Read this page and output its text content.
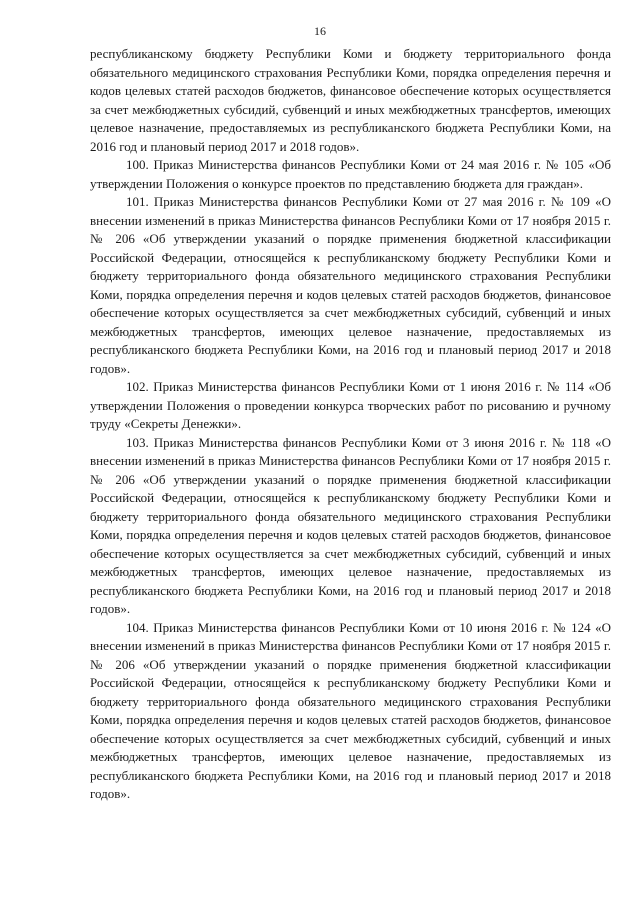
16

республиканскому бюджету Республики Коми и бюджету территориального фонда обязательного медицинского страхования Республики Коми, порядка определения перечня и кодов целевых статей расходов бюджетов, финансовое обеспечение которых осуществляется за счет межбюджетных субсидий, субвенций и иных межбюджетных трансфертов, имеющих целевое назначение, предоставляемых из республиканского бюджета Республики Коми, на 2016 год и плановый период 2017 и 2018 годов».

100. Приказ Министерства финансов Республики Коми от 24 мая 2016 г. № 105 «Об утверждении Положения о конкурсе проектов по представлению бюджета для граждан».

101. Приказ Министерства финансов Республики Коми от 27 мая 2016 г. № 109 «О внесении изменений в приказ Министерства финансов Республики Коми от 17 ноября 2015 г. № 206 «Об утверждении указаний о порядке применения бюджетной классификации Российской Федерации, относящейся к республиканскому бюджету Республики Коми и бюджету территориального фонда обязательного медицинского страхования Республики Коми, порядка определения перечня и кодов целевых статей расходов бюджетов, финансовое обеспечение которых осуществляется за счет межбюджетных субсидий, субвенций и иных межбюджетных трансфертов, имеющих целевое назначение, предоставляемых из республиканского бюджета Республики Коми, на 2016 год и плановый период 2017 и 2018 годов».

102. Приказ Министерства финансов Республики Коми от 1 июня 2016 г. № 114 «Об утверждении Положения о проведении конкурса творческих работ по рисованию и ручному труду «Секреты Денежки».

103. Приказ Министерства финансов Республики Коми от 3 июня 2016 г. № 118 «О внесении изменений в приказ Министерства финансов Республики Коми от 17 ноября 2015 г. № 206 «Об утверждении указаний о порядке применения бюджетной классификации Российской Федерации, относящейся к республиканскому бюджету Республики Коми и бюджету территориального фонда обязательного медицинского страхования Республики Коми, порядка определения перечня и кодов целевых статей расходов бюджетов, финансовое обеспечение которых осуществляется за счет межбюджетных субсидий, субвенций и иных межбюджетных трансфертов, имеющих целевое назначение, предоставляемых из республиканского бюджета Республики Коми, на 2016 год и плановый период 2017 и 2018 годов».

104. Приказ Министерства финансов Республики Коми от 10 июня 2016 г. № 124 «О внесении изменений в приказ Министерства финансов Республики Коми от 17 ноября 2015 г. № 206 «Об утверждении указаний о порядке применения бюджетной классификации Российской Федерации, относящейся к республиканскому бюджету Республики Коми и бюджету территориального фонда обязательного медицинского страхования Республики Коми, порядка определения перечня и кодов целевых статей расходов бюджетов, финансовое обеспечение которых осуществляется за счет межбюджетных субсидий, субвенций и иных межбюджетных трансфертов, имеющих целевое назначение, предоставляемых из республиканского бюджета Республики Коми, на 2016 год и плановый период 2017 и 2018 годов».
